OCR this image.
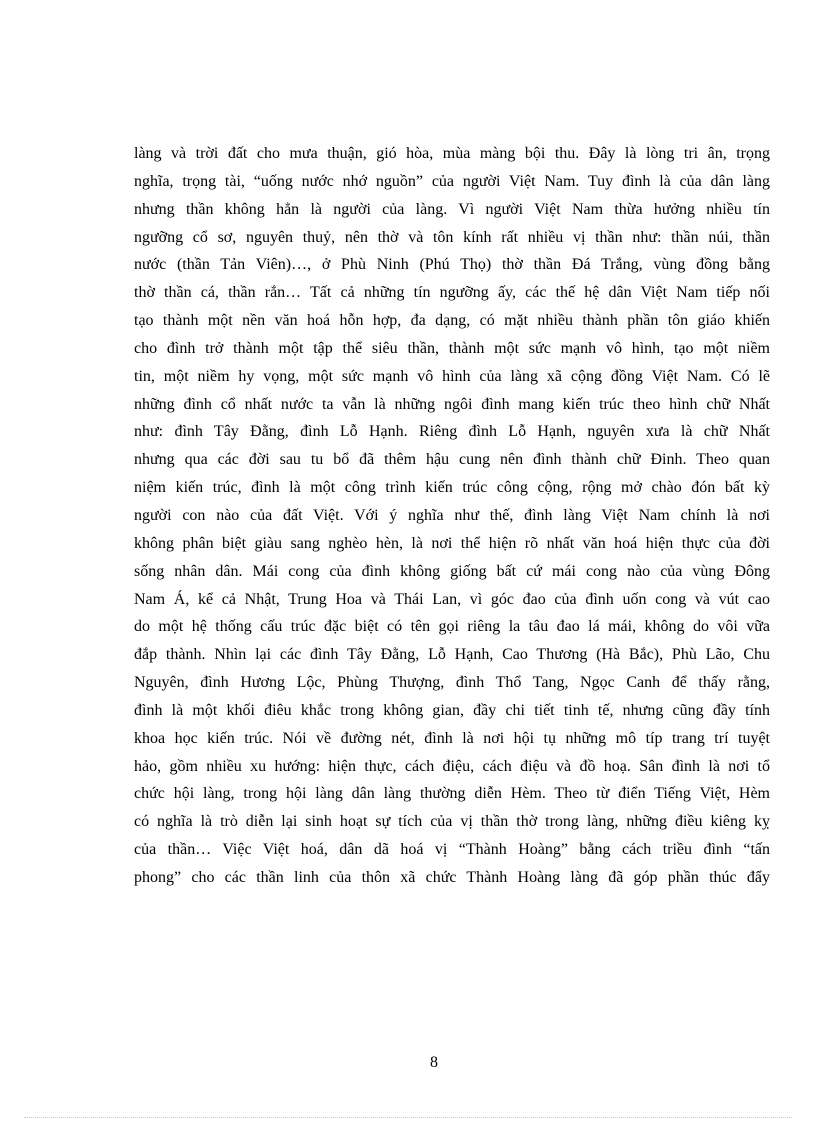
làng và trời đất cho mưa thuận, gió hòa, mùa màng bội thu. Đây là lòng tri ân, trọng
nghĩa, trọng tài, “uống nước nhớ nguồn” của người Việt Nam. Tuy đình là của dân làng
nhưng thần không hẳn là người của làng. Vì người Việt Nam thừa hưởng nhiều tín
ngưỡng cổ sơ, nguyên thuỷ, nên thờ và tôn kính rất nhiều vị thần như: thần núi, thần
nước (thần Tản Viên)…, ở Phù Ninh (Phú Thọ) thờ thần Đá Trắng, vùng đồng bằng
thờ thần cá, thần rắn… Tất cả những tín ngưỡng ấy, các thế hệ dân Việt Nam tiếp nối
tạo thành một nền văn hoá hỗn hợp, đa dạng, có mặt nhiều thành phần tôn giáo khiến
cho đình trở thành một tập thể siêu thần, thành một sức mạnh vô hình, tạo một niềm
tin, một niềm hy vọng, một sức mạnh vô hình của làng xã cộng đồng Việt Nam. Có lẽ
những đình cổ nhất nước ta vẫn là những ngôi đình mang kiến trúc theo hình chữ Nhất
như: đình Tây Đằng, đình Lỗ Hạnh. Riêng đình Lỗ Hạnh, nguyên xưa là chữ Nhất
nhưng qua các đời sau tu bổ đã thêm hậu cung nên đình thành chữ Đinh. Theo quan
niệm kiến trúc, đình là một công trình kiến trúc công cộng, rộng mở chào đón bất kỳ
người con nào của đất Việt. Với ý nghĩa như thế, đình làng Việt Nam chính là nơi
không phân biệt giàu sang nghèo hèn, là nơi thể hiện rõ nhất văn hoá hiện thực của đời
sống nhân dân. Mái cong của đình không giống bất cứ mái cong nào của vùng Đông
Nam Á, kể cả Nhật, Trung Hoa và Thái Lan, vì góc đao của đình uốn cong và vút cao
do một hệ thống cấu trúc đặc biệt có tên gọi riêng la tâu đao lá mái, không do vôi vữa
đắp thành. Nhìn lại các đình Tây Đằng, Lỗ Hạnh, Cao Thương (Hà Bắc), Phù Lão, Chu
Nguyên, đình Hương Lộc, Phùng Thượng, đình Thổ Tang, Ngọc Canh để thấy rằng,
đình là một khối điêu khắc trong không gian, đầy chi tiết tinh tế, nhưng cũng đầy tính
khoa học kiến trúc. Nói về đường nét, đình là nơi hội tụ những mô típ trang trí tuyệt
hảo, gồm nhiều xu hướng: hiện thực, cách điệu, cách điệu và đồ hoạ. Sân đình là nơi tổ
chức hội làng, trong hội làng dân làng thường diễn Hèm. Theo từ điển Tiếng Việt, Hèm
có nghĩa là trò diễn lại sinh hoạt sự tích của vị thần thờ trong làng, những điều kiêng kỵ
của thần… Việc Việt hoá, dân dã hoá vị “Thành Hoàng” bằng cách triều đình “tấn
phong” cho các thần linh của thôn xã chức Thành Hoàng làng đã góp phần thúc đẩy
8
